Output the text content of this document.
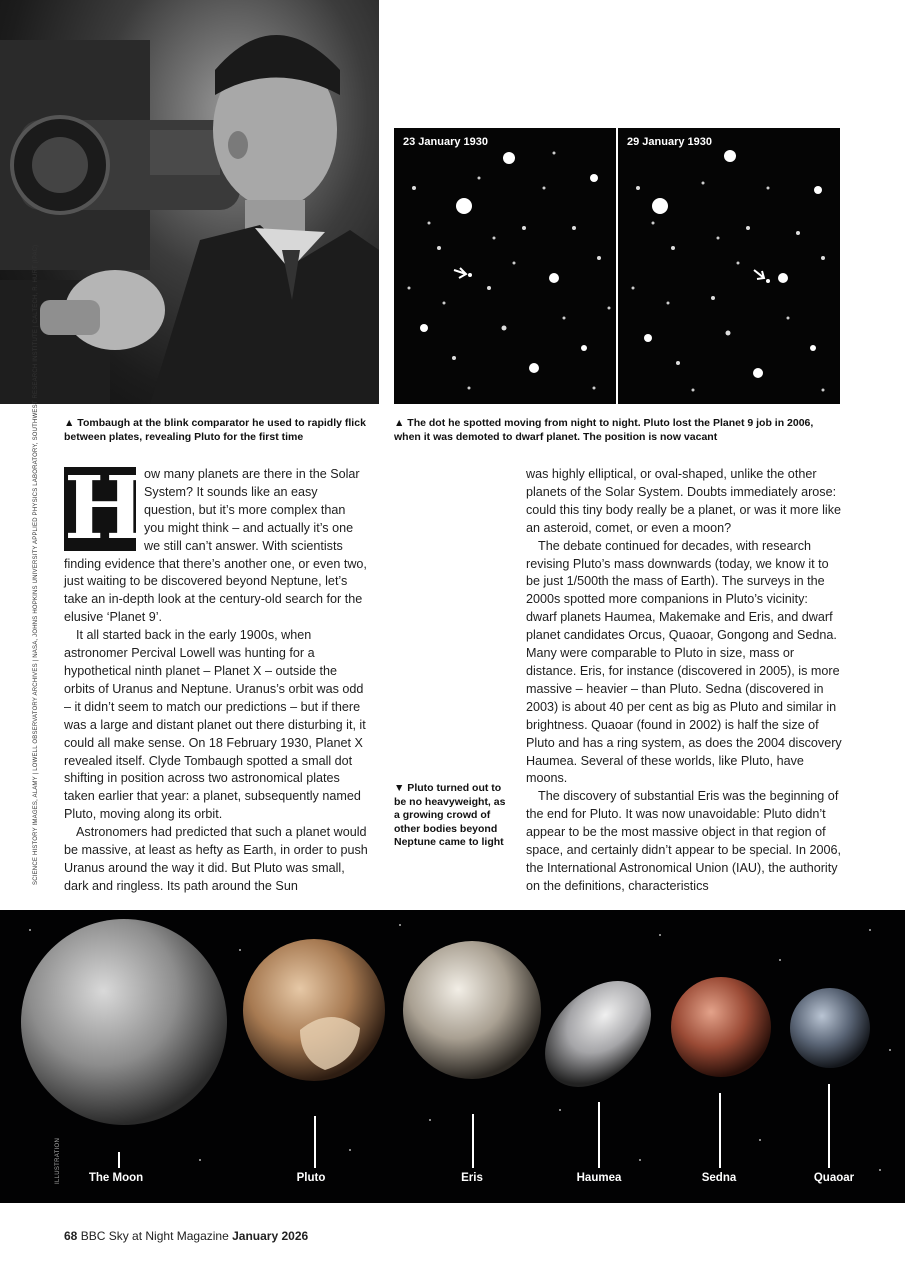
23 January 1930	29 January 1930
▲ Tombaugh at the blink comparator he used to rapidly flick between plates, revealing Pluto for the first time
▲ The dot he spotted moving from night to night. Pluto lost the Planet 9 job in 2006, when it was demoted to dwarf planet. The position is now vacant
SCIENCE HISTORY IMAGES, ALAMY | LOWELL OBSERVATORY ARCHIVES | NASA, JOHNS HOPKINS UNIVERSITY APPLIED PHYSICS LABORATORY, SOUTHWEST RESEARCH INSTITUTE | CALTECH, R. HURT (IPAC) H
ow many planets are there in the Solar System? It sounds like an easy question, but it’s more complex than you might think – and actually it’s one we still can’t answer. With scientists finding evidence that there’s another one, or even two, just waiting to be discovered beyond Neptune, let’s take an in-depth look at the century-old search for the elusive ‘Planet 9’.

It all started back in the early 1900s, when astronomer Percival Lowell was hunting for a hypothetical ninth planet – Planet X – outside the orbits of Uranus and Neptune. Uranus’s orbit was odd – it didn’t seem to match our predictions – but if there was a large and distant planet out there disturbing it, it could all make sense. On 18 February 1930, Planet X revealed itself. Clyde Tombaugh spotted a small dot shifting in position across two astronomical plates taken earlier that year: a planet, subsequently named Pluto, moving along its orbit.

Astronomers had predicted that such a planet would be massive, at least as hefty as Earth, in order to push Uranus around the way it did. But Pluto was small, dark and ringless. Its path around the Sun

▼ Pluto turned out to be no heavyweight, as a growing crowd of other bodies beyond Neptune came to light

was highly elliptical, or oval-shaped, unlike the other planets of the Solar System. Doubts immediately arose: could this tiny body really be a planet, or was it more like an asteroid, comet, or even a moon?

The debate continued for decades, with research revising Pluto’s mass downwards (today, we know it to be just 1/500th the mass of Earth). The surveys in the 2000s spotted more companions in Pluto’s vicinity: dwarf planets Haumea, Makemake and Eris, and dwarf planet candidates Orcus, Quaoar, Gongong and Sedna. Many were comparable to Pluto in size, mass or distance. Eris, for instance (discovered in 2005), is more massive – heavier – than Pluto. Sedna (discovered in 2003) is about 40 per cent as big as Pluto and similar in brightness. Quaoar (found in 2002) is half the size of Pluto and has a ring system, as does the 2004 discovery Haumea. Several of these worlds, like Pluto, have moons.

The discovery of substantial Eris was the beginning of the end for Pluto. It was now unavoidable: Pluto didn’t appear to be the most massive object in that region of space, and certainly didn’t appear to be special. In 2006, the International Astronomical Union (IAU), the authority on the definitions, characteristics

The Moon	Pluto	Eris	Haumea	Sedna	Quaoar
ILLUSTRATION
68 BBC Sky at Night Magazine January 2026
